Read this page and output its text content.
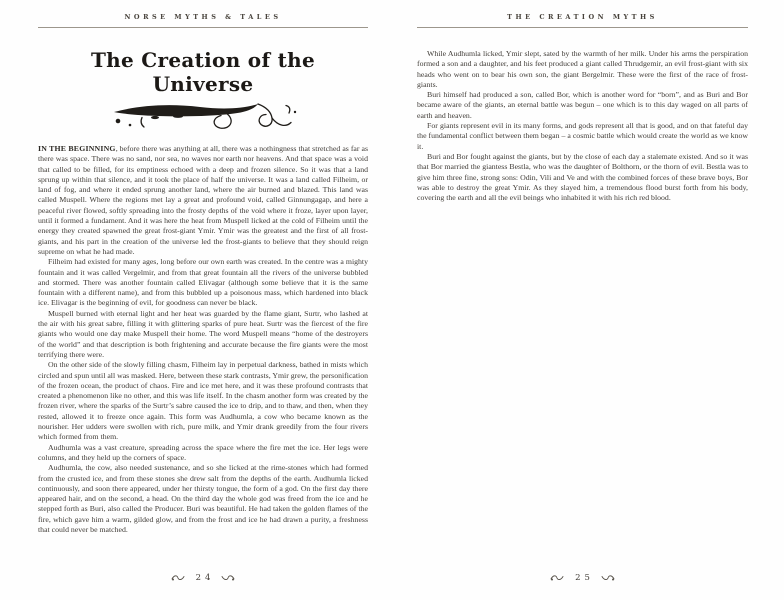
NORSE MYTHS & TALES
The Creation of the Universe

IN THE BEGINNING, before there was anything at all, there was a nothingness that stretched as far as there was space. There was no sand, nor sea, no waves nor earth nor heavens. And that space was a void that called to be filled, for its emptiness echoed with a deep and frozen silence. So it was that a land sprung up within that silence, and it took the place of half the universe. It was a land called Filheim, or land of fog, and where it ended sprung another land, where the air burned and blazed. This land was called Muspell. Where the regions met lay a great and profound void, called Ginnungagap, and here a peaceful river flowed, softly spreading into the frosty depths of the void where it froze, layer upon layer, until it formed a fundament. And it was here the heat from Muspell licked at the cold of Filheim until the energy they created spawned the great frost-giant Ymir. Ymir was the greatest and the first of all frost-giants, and his part in the creation of the universe led the frost-giants to believe that they should reign supreme on what he had made.

Filheim had existed for many ages, long before our own earth was created. In the centre was a mighty fountain and it was called Vergelmir, and from that great fountain all the rivers of the universe bubbled and stormed. There was another fountain called Elivagar (although some believe that it is the same fountain with a different name), and from this bubbled up a poisonous mass, which hardened into black ice. Elivagar is the beginning of evil, for goodness can never be black.

Muspell burned with eternal light and her heat was guarded by the flame giant, Surtr, who lashed at the air with his great sabre, filling it with glittering sparks of pure heat. Surtr was the fiercest of the fire giants who would one day make Muspell their home. The word Muspell means “home of the destroyers of the world” and that description is both frightening and accurate because the fire giants were the most terrifying there were.

On the other side of the slowly filling chasm, Filheim lay in perpetual darkness, bathed in mists which circled and spun until all was masked. Here, between these stark contrasts, Ymir grew, the personification of the frozen ocean, the product of chaos. Fire and ice met here, and it was these profound contrasts that created a phenomenon like no other, and this was life itself. In the chasm another form was created by the frozen river, where the sparks of the Surtr’s sabre caused the ice to drip, and to thaw, and then, when they rested, allowed it to freeze once again. This form was Audhumla, a cow who became known as the nourisher. Her udders were swollen with rich, pure milk, and Ymir drank greedily from the four rivers which formed from them.

Audhumla was a vast creature, spreading across the space where the fire met the ice. Her legs were columns, and they held up the corners of space.

Audhumla, the cow, also needed sustenance, and so she licked at the rime-stones which had formed from the crusted ice, and from these stones she drew salt from the depths of the earth. Audhumla licked continuously, and soon there appeared, under her thirsty tongue, the form of a god. On the first day there appeared hair, and on the second, a head. On the third day the whole god was freed from the ice and he stepped forth as Buri, also called the Producer. Buri was beautiful. He had taken the golden flames of the fire, which gave him a warm, gilded glow, and from the frost and ice he had drawn a purity, a freshness that could never be matched.

24
THE CREATION MYTHS

While Audhumla licked, Ymir slept, sated by the warmth of her milk. Under his arms the perspiration formed a son and a daughter, and his feet produced a giant called Thrudgemir, an evil frost-giant with six heads who went on to bear his own son, the giant Bergelmir. These were the first of the race of frost-giants.

Buri himself had produced a son, called Bor, which is another word for “born”, and as Buri and Bor became aware of the giants, an eternal battle was begun – one which is to this day waged on all parts of earth and heaven.

For giants represent evil in its many forms, and gods represent all that is good, and on that fateful day the fundamental conflict between them began – a cosmic battle which would create the world as we know it.

Buri and Bor fought against the giants, but by the close of each day a stalemate existed. And so it was that Bor married the giantess Bestla, who was the daughter of Bolthorn, or the thorn of evil. Bestla was to give him three fine, strong sons: Odin, Vili and Ve and with the combined forces of these brave boys, Bor was able to destroy the great Ymir. As they slayed him, a tremendous flood burst forth from his body, covering the earth and all the evil beings who inhabited it with his rich red blood.

25
